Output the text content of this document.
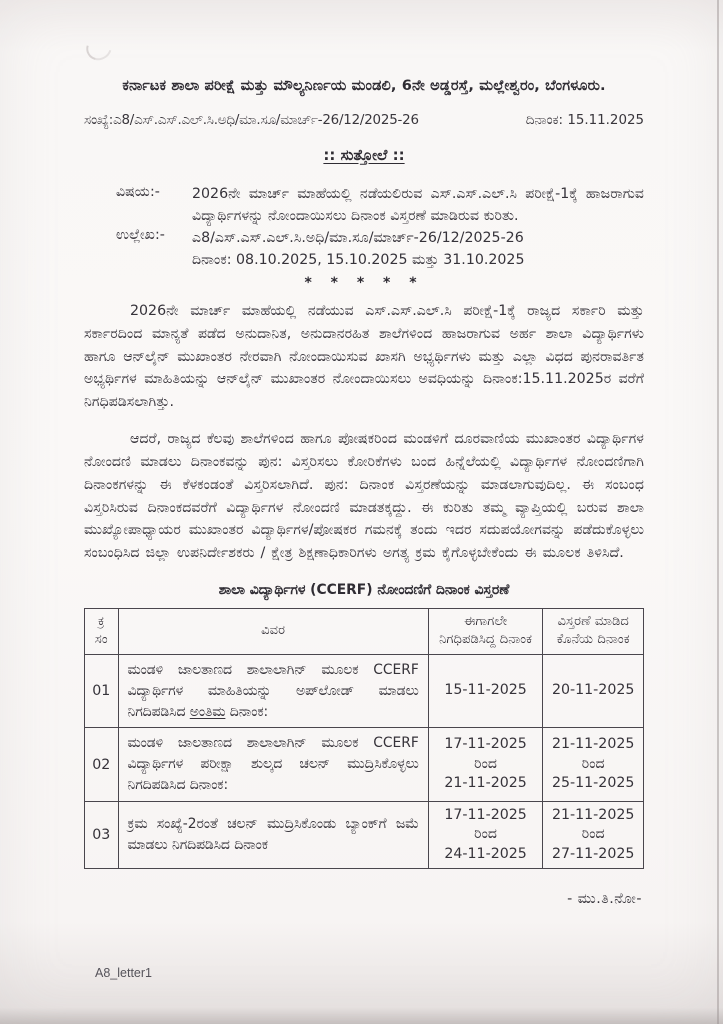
ಕರ್ನಾಟಕ ಶಾಲಾ ಪರೀಕ್ಷೆ ಮತ್ತು ಮೌಲ್ಯನಿರ್ಣಯ ಮಂಡಲಿ, 6ನೇ ಅಡ್ಡರಸ್ತೆ, ಮಲ್ಲೇಶ್ವರಂ, ಬೆಂಗಳೂರು.
ಸಂಖ್ಯೆ:ಎ8/ಎಸ್.ಎಸ್.ಎಲ್.ಸಿ.ಅಧಿ/ಮಾ.ಸೂ/ಮಾರ್ಚ್-26/12/2025-26	ದಿನಾಂಕ: 15.11.2025
:: ಸುತ್ತೋಲೆ ::
ವಿಷಯ:-	2026ನೇ ಮಾರ್ಚ್ ಮಾಹೆಯಲ್ಲಿ ನಡೆಯಲಿರುವ ಎಸ್.ಎಸ್.ಎಲ್.ಸಿ ಪರೀಕ್ಷೆ-1ಕ್ಕೆ ಹಾಜರಾಗುವ ವಿದ್ಯಾರ್ಥಿಗಳನ್ನು ನೋಂದಾಯಿಸಲು ದಿನಾಂಕ ವಿಸ್ತರಣೆ ಮಾಡಿರುವ ಕುರಿತು.
ಉಲ್ಲೇಖ:-	ಎ8/ಎಸ್.ಎಸ್.ಎಲ್.ಸಿ.ಅಧಿ/ಮಾ.ಸೂ/ಮಾರ್ಚ್-26/12/2025-26
ದಿನಾಂಕ: 08.10.2025, 15.10.2025 ಮತ್ತು 31.10.2025
* * * * *

2026ನೇ ಮಾರ್ಚ್ ಮಾಹೆಯಲ್ಲಿ ನಡೆಯುವ ಎಸ್.ಎಸ್.ಎಲ್.ಸಿ ಪರೀಕ್ಷೆ-1ಕ್ಕೆ ರಾಜ್ಯದ ಸರ್ಕಾರಿ ಮತ್ತು ಸರ್ಕಾರದಿಂದ ಮಾನ್ಯತೆ ಪಡೆದ ಅನುದಾನಿತ, ಅನುದಾನರಹಿತ ಶಾಲೆಗಳಿಂದ ಹಾಜರಾಗುವ ಅರ್ಹ ಶಾಲಾ ವಿದ್ಯಾರ್ಥಿಗಳು ಹಾಗೂ ಆನ್‌ಲೈನ್ ಮುಖಾಂತರ ನೇರವಾಗಿ ನೋಂದಾಯಿಸುವ ಖಾಸಗಿ ಅಭ್ಯರ್ಥಿಗಳು ಮತ್ತು ಎಲ್ಲಾ ವಿಧದ ಪುನರಾವರ್ತಿತ ಅಭ್ಯರ್ಥಿಗಳ ಮಾಹಿತಿಯನ್ನು ಆನ್‌ಲೈನ್ ಮುಖಾಂತರ ನೋಂದಾಯಿಸಲು ಅವಧಿಯನ್ನು ದಿನಾಂಕ:15.11.2025ರ ವರೆಗೆ ನಿಗಧಿಪಡಿಸಲಾಗಿತ್ತು.

ಆದರೆ, ರಾಜ್ಯದ ಕೆಲವು ಶಾಲೆಗಳಿಂದ ಹಾಗೂ ಪೋಷಕರಿಂದ ಮಂಡಳಿಗೆ ದೂರವಾಣಿಯ ಮುಖಾಂತರ ವಿದ್ಯಾರ್ಥಿಗಳ ನೋಂದಣಿ ಮಾಡಲು ದಿನಾಂಕವನ್ನು ಪುನ: ವಿಸ್ತರಿಸಲು ಕೋರಿಕೆಗಳು ಬಂದ ಹಿನ್ನೆಲೆಯಲ್ಲಿ ವಿದ್ಯಾರ್ಥಿಗಳ ನೋಂದಣಿಗಾಗಿ ದಿನಾಂಕಗಳನ್ನು ಈ ಕೆಳಕಂಡಂತೆ ವಿಸ್ತರಿಸಲಾಗಿದೆ. ಪುನ: ದಿನಾಂಕ ವಿಸ್ತರಣೆಯನ್ನು ಮಾಡಲಾಗುವುದಿಲ್ಲ. ಈ ಸಂಬಂಧ ವಿಸ್ತರಿಸಿರುವ ದಿನಾಂಕದವರೆಗೆ ವಿದ್ಯಾರ್ಥಿಗಳ ನೋಂದಣಿ ಮಾಡತಕ್ಕದ್ದು. ಈ ಕುರಿತು ತಮ್ಮ ವ್ಯಾಪ್ತಿಯಲ್ಲಿ ಬರುವ ಶಾಲಾ ಮುಖ್ಯೋಪಾಧ್ಯಾಯರ ಮುಖಾಂತರ ವಿದ್ಯಾರ್ಥಿಗಳ/ಪೋಷಕರ ಗಮನಕ್ಕೆ ತಂದು ಇದರ ಸದುಪಯೋಗವನ್ನು ಪಡೆದುಕೊಳ್ಳಲು ಸಂಬಂಧಿಸಿದ ಜಿಲ್ಲಾ ಉಪನಿರ್ದೇಶಕರು / ಕ್ಷೇತ್ರ ಶಿಕ್ಷಣಾಧಿಕಾರಿಗಳು ಅಗತ್ಯ ಕ್ರಮ ಕೈಗೊಳ್ಳಬೇಕೆಂದು ಈ ಮೂಲಕ ತಿಳಿಸಿದೆ.

ಶಾಲಾ ವಿದ್ಯಾರ್ಥಿಗಳ (CCERF) ನೋಂದಣಿಗೆ ದಿನಾಂಕ ವಿಸ್ತರಣೆ
ಕ್ರ ಸಂ	ವಿವರ	ಈಗಾಗಲೇ ನಿಗಧಿಪಡಿಸಿದ್ದ ದಿನಾಂಕ	ವಿಸ್ತರಣೆ ಮಾಡಿದ ಕೊನೆಯ ದಿನಾಂಕ
01	ಮಂಡಳಿ ಜಾಲತಾಣದ ಶಾಲಾಲಾಗಿನ್ ಮೂಲಕ CCERF ವಿದ್ಯಾರ್ಥಿಗಳ ಮಾಹಿತಿಯನ್ನು ಅಪ್‌ಲೋಡ್ ಮಾಡಲು ನಿಗದಿಪಡಿಸಿದ ಅಂತಿಮ ದಿನಾಂಕ:	15-11-2025	20-11-2025

02	ಮಂಡಳಿ ಜಾಲತಾಣದ ಶಾಲಾಲಾಗಿನ್ ಮೂಲಕ CCERF ವಿದ್ಯಾರ್ಥಿಗಳ ಪರೀಕ್ಷಾ ಶುಲ್ಕದ ಚಲನ್ ಮುದ್ರಿಸಿಕೊಳ್ಳಲು ನಿಗದಿಪಡಿಸಿದ ದಿನಾಂಕ:	17-11-2025
ರಿಂದ
21-11-2025	21-11-2025
ರಿಂದ
25-11-2025

03	ಕ್ರಮ ಸಂಖ್ಯೆ-2ರಂತೆ ಚಲನ್ ಮುದ್ರಿಸಿಕೊಂಡು ಬ್ಯಾಂಕ್‌ಗೆ ಜಮೆ ಮಾಡಲು ನಿಗದಿಪಡಿಸಿದ ದಿನಾಂಕ	17-11-2025
ರಿಂದ
24-11-2025	21-11-2025
ರಿಂದ
27-11-2025
- ಮು.ತಿ.ನೋ-
A8_letter1
